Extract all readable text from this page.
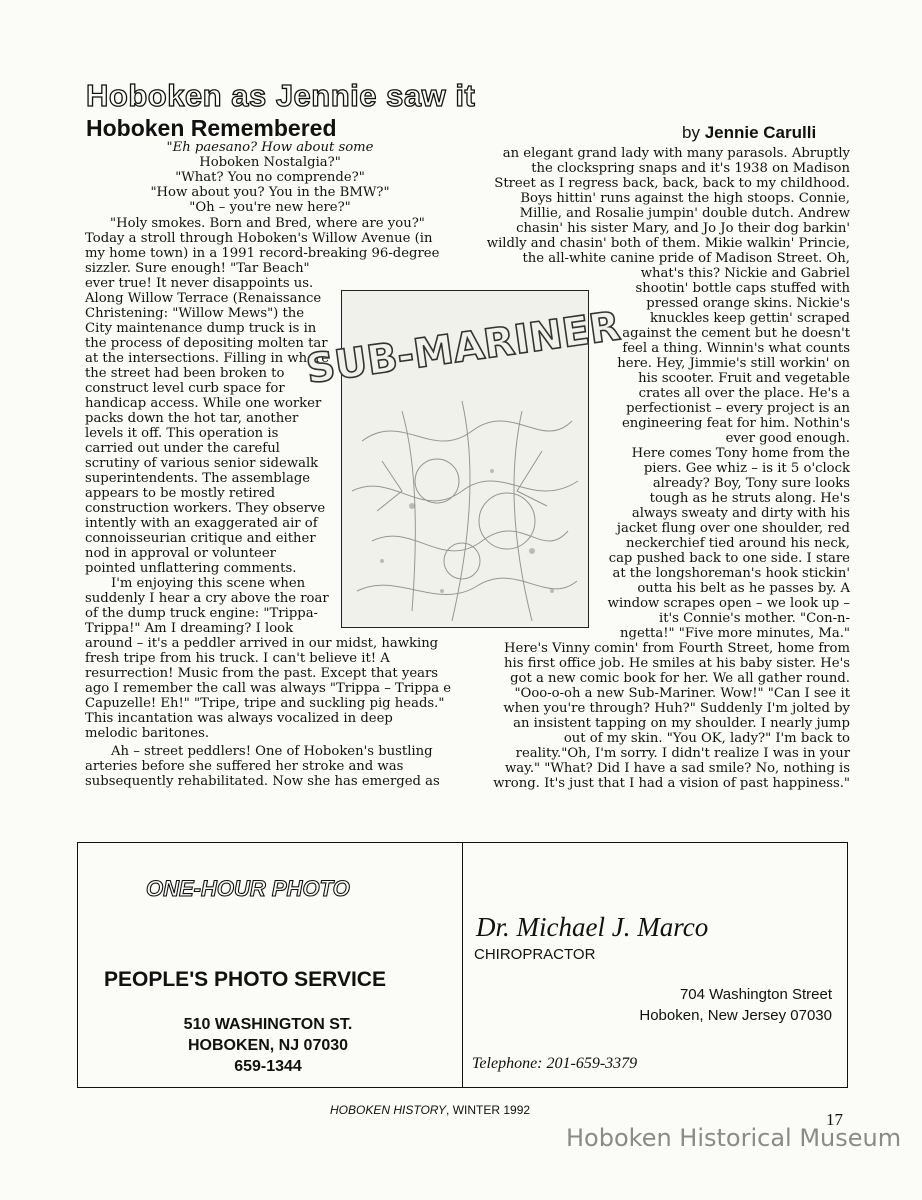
Hoboken as Jennie saw it
Hoboken Remembered	by Jennie Carulli
"Eh paesano? How about some
Hoboken Nostalgia?"
"What? You no comprende?"
"How about you? You in the BMW?"
"Oh – you're new here?"
"Holy smokes. Born and Bred, where are you?"
Today a stroll through Hoboken's Willow Avenue (in
my home town) in a 1991 record-breaking 96-degree
sizzler. Sure enough! "Tar Beach"
ever true! It never disappoints us.
Along Willow Terrace (Renaissance
Christening: "Willow Mews") the
City maintenance dump truck is in
the process of depositing molten tar
at the intersections. Filling in where
the street had been broken to
construct level curb space for
handicap access. While one worker
packs down the hot tar, another
levels it off. This operation is
carried out under the careful
scrutiny of various senior sidewalk
superintendents. The assemblage
appears to be mostly retired
construction workers. They observe
intently with an exaggerated air of
connoisseurian critique and either
nod in approval or volunteer
pointed unflattering comments.
I'm enjoying this scene when
suddenly I hear a cry above the roar
of the dump truck engine: "Trippa-
Trippa!" Am I dreaming? I look
around – it's a peddler arrived in our midst, hawking
fresh tripe from his truck. I can't believe it! A
resurrection! Music from the past. Except that years
ago I remember the call was always "Trippa – Trippa e
Capuzelle! Eh!" "Tripe, tripe and suckling pig heads."
This incantation was always vocalized in deep
melodic baritones.
Ah – street peddlers! One of Hoboken's bustling
arteries before she suffered her stroke and was
subsequently rehabilitated. Now she has emerged as
an elegant grand lady with many parasols. Abruptly
the clockspring snaps and it's 1938 on Madison
Street as I regress back, back, back to my childhood.
Boys hittin' runs against the high stoops. Connie,
Millie, and Rosalie jumpin' double dutch. Andrew
chasin' his sister Mary, and Jo Jo their dog barkin'
wildly and chasin' both of them. Mikie walkin' Princie,
the all-white canine pride of Madison Street. Oh,
what's this? Nickie and Gabriel
shootin' bottle caps stuffed with
pressed orange skins. Nickie's
knuckles keep gettin' scraped
against the cement but he doesn't
feel a thing. Winnin's what counts
here. Hey, Jimmie's still workin' on
his scooter. Fruit and vegetable
crates all over the place. He's a
perfectionist – every project is an
engineering feat for him. Nothin's
ever good enough.
Here comes Tony home from the
piers. Gee whiz – is it 5 o'clock
already? Boy, Tony sure looks
tough as he struts along. He's
always sweaty and dirty with his
jacket flung over one shoulder, red
neckerchief tied around his neck,
cap pushed back to one side. I stare
at the longshoreman's hook stickin'
outta his belt as he passes by. A
window scrapes open – we look up –
it's Connie's mother. "Con-n-
ngetta!" "Five more minutes, Ma."
Here's Vinny comin' from Fourth Street, home from
his first office job. He smiles at his baby sister. He's
got a new comic book for her. We all gather round.
"Ooo-o-oh a new Sub-Mariner. Wow!" "Can I see it
when you're through? Huh?" Suddenly I'm jolted by
an insistent tapping on my shoulder. I nearly jump
out of my skin. "You OK, lady?" I'm back to
reality."Oh, I'm sorry. I didn't realize I was in your
way." "What? Did I have a sad smile? No, nothing is
wrong. It's just that I had a vision of past happiness."
SUB-MARINER
ONE-HOUR PHOTO
PEOPLE'S PHOTO SERVICE
510 WASHINGTON ST.
HOBOKEN, NJ 07030
659-1344
Dr. Michael J. Marco
CHIROPRACTOR
704 Washington Street
Hoboken, New Jersey 07030
Telephone: 201-659-3379
HOBOKEN HISTORY, WINTER 1992	17
Hoboken Historical Museum
